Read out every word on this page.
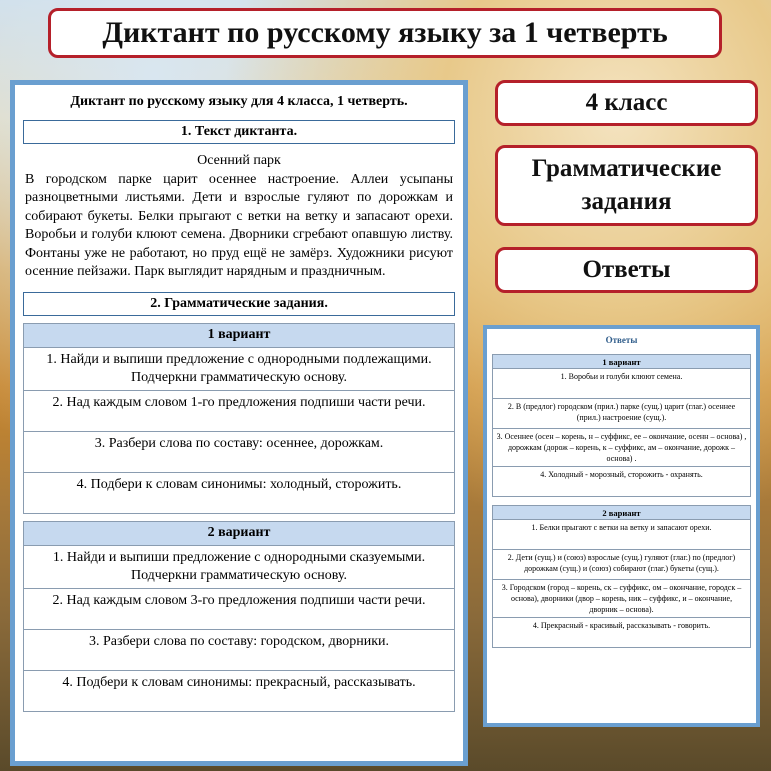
Диктант по русскому языку за 1 четверть
4 класс
Грамматические задания
Ответы
Диктант по русскому языку для 4 класса, 1 четверть.
1. Текст диктанта.
Осенний парк
В городском парке царит осеннее настроение. Аллеи усыпаны разноцветными листьями. Дети и взрослые гуляют по дорожкам и собирают букеты. Белки прыгают с ветки на ветку и запасают орехи. Воробьи и голуби клюют семена. Дворники сгребают опавшую листву. Фонтаны уже не работают, но пруд ещё не замёрз. Художники рисуют осенние пейзажи. Парк выглядит нарядным и праздничным.
2. Грамматические задания.
1 вариант
1. Найди и выпиши предложение с однородными подлежащими. Подчеркни грамматическую основу.
2. Над каждым словом 1-го предложения подпиши части речи.
3. Разбери слова по составу: осеннее, дорожкам.
4. Подбери к словам синонимы: холодный, сторожить.
2 вариант
1. Найди и выпиши предложение с однородными сказуемыми. Подчеркни грамматическую основу.
2. Над каждым словом 3-го предложения подпиши части речи.
3. Разбери слова по составу: городском, дворники.
4. Подбери к словам синонимы: прекрасный, рассказывать.
Ответы
1 вариант
1. Воробьи и голуби клюют семена.
2. В (предлог) городском (прил.) парке (сущ.) царит (глаг.) осеннее (прил.) настроение (сущ.).
3. Осеннее (осен – корень, н – суффикс, ее – окончание, осенн – основа) , дорожкам (дорож – корень, к – суффикс, ам – окончание, дорожк – основа) .
4. Холодный - морозный, сторожить - охранять.
2 вариант
1. Белки прыгают с ветки на ветку и запасают орехи.
2. Дети (сущ.) и (союз) взрослые (сущ.) гуляют (глаг.) по (предлог) дорожкам (сущ.) и (союз) собирают (глаг.) букеты (сущ.).
3. Городском (город – корень, ск – суффикс, ом – окончание, городск – основа), дворники (двор – корень, ник – суффикс, и – окончание, дворник – основа).
4. Прекрасный - красивый, рассказывать - говорить.
